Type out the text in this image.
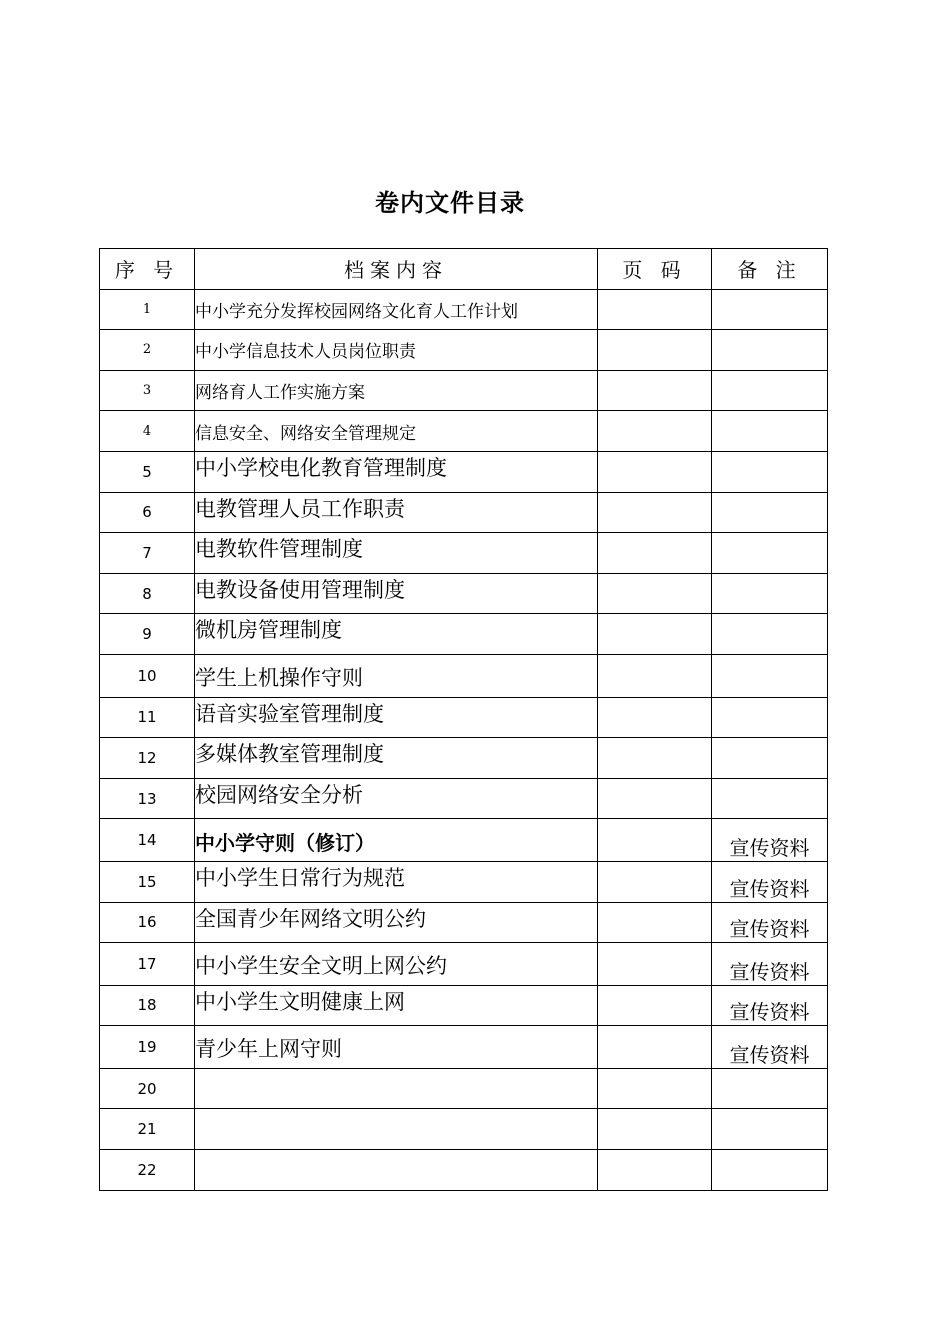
卷内文件目录
序 号	档案内容	页 码	备 注
1	中小学充分发挥校园网络文化育人工作计划		
2	中小学信息技术人员岗位职责		
3	网络育人工作实施方案		
4	信息安全、网络安全管理规定		
5	中小学校电化教育管理制度		
6	电教管理人员工作职责		
7	电教软件管理制度		
8	电教设备使用管理制度		
9	微机房管理制度		
10	学生上机操作守则		
11	语音实验室管理制度		
12	多媒体教室管理制度		
13	校园网络安全分析		
14	中小学守则（修订）		宣传资料
15	中小学生日常行为规范		宣传资料
16	全国青少年网络文明公约		宣传资料
17	中小学生安全文明上网公约		宣传资料
18	中小学生文明健康上网		宣传资料
19	青少年上网守则		宣传资料
20			
21			
22			
